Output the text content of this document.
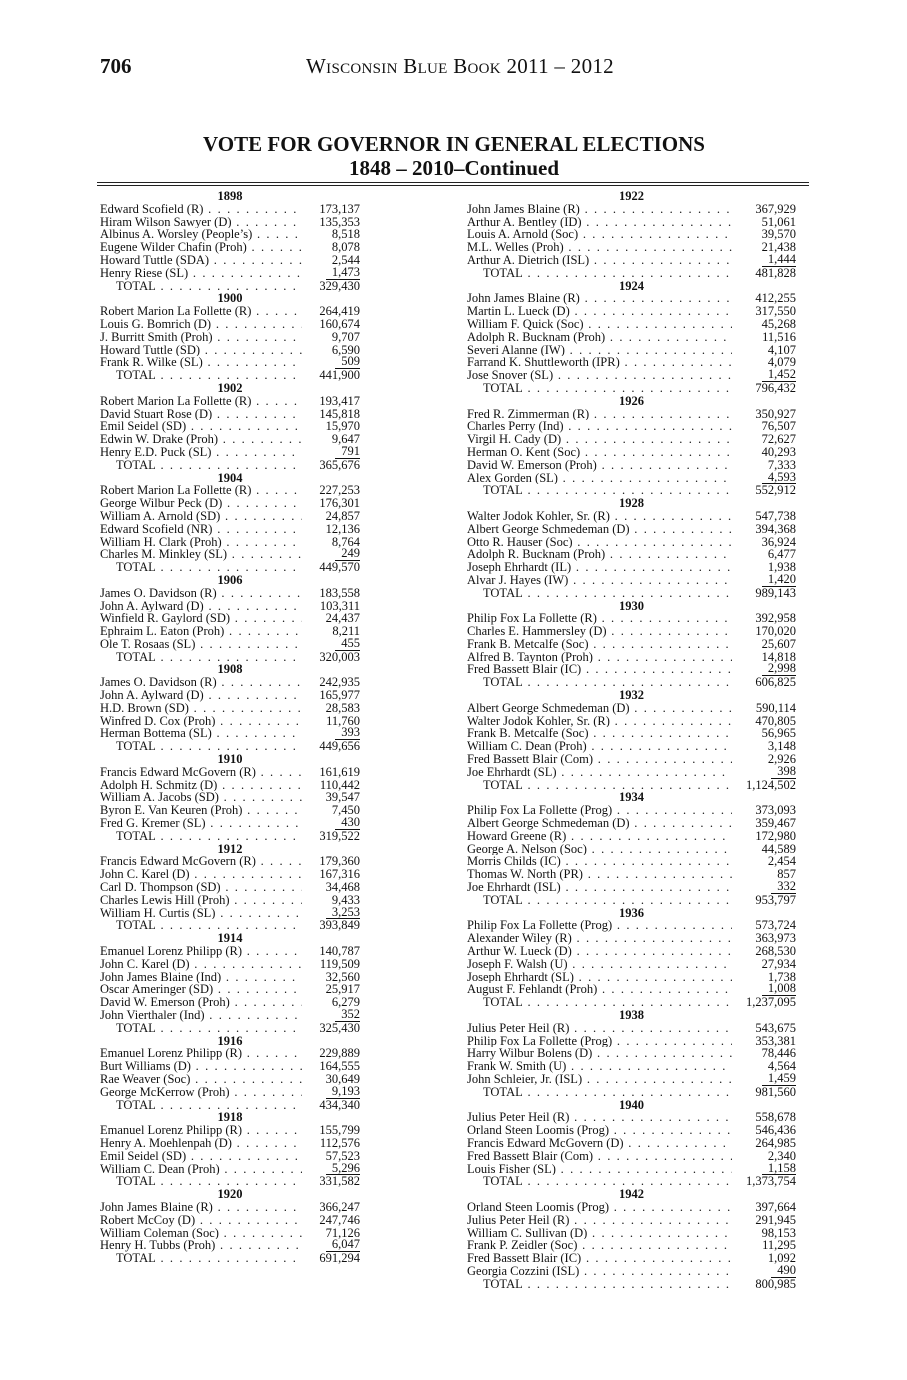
706	Wisconsin Blue Book 2011 – 2012
VOTE FOR GOVERNOR IN GENERAL ELECTIONS
1848 – 2010–Continued
1898
Edward Scofield (R) . . .	173,137
Hiram Wilson Sawyer (D) . . .	135,353
Albinus A. Worsley (People’s) . . .	8,518
Eugene Wilder Chafin (Proh) . . .	8,078
Howard Tuttle (SDA) . . .	2,544
Henry Riese (SL) . . .	1,473
TOTAL . . .	329,430
1900
Robert Marion La Follette (R) . . .	264,419
Louis G. Bomrich (D) . . .	160,674
J. Burritt Smith (Proh) . . .	9,707
Howard Tuttle (SD) . . .	6,590
Frank R. Wilke (SL) . . .	509
TOTAL . . .	441,900
1902
Robert Marion La Follette (R) . . .	193,417
David Stuart Rose (D) . . .	145,818
Emil Seidel (SD) . . .	15,970
Edwin W. Drake (Proh) . . .	9,647
Henry E.D. Puck (SL) . . .	791
TOTAL . . .	365,676
1904
Robert Marion La Follette (R) . . .	227,253
George Wilbur Peck (D) . . .	176,301
William A. Arnold (SD) . . .	24,857
Edward Scofield (NR) . . .	12,136
William H. Clark (Proh) . . .	8,764
Charles M. Minkley (SL) . . .	249
TOTAL . . .	449,570
1906
James O. Davidson (R) . . .	183,558
John A. Aylward (D) . . .	103,311
Winfield R. Gaylord (SD) . . .	24,437
Ephraim L. Eaton (Proh) . . .	8,211
Ole T. Rosaas (SL) . . .	455
TOTAL . . .	320,003
1908
James O. Davidson (R) . . .	242,935
John A. Aylward (D) . . .	165,977
H.D. Brown (SD) . . .	28,583
Winfred D. Cox (Proh) . . .	11,760
Herman Bottema (SL) . . .	393
TOTAL . . .	449,656
1910
Francis Edward McGovern (R) . . .	161,619
Adolph H. Schmitz (D) . . .	110,442
William A. Jacobs (SD) . . .	39,547
Byron E. Van Keuren (Proh) . . .	7,450
Fred G. Kremer (SL) . . .	430
TOTAL . . .	319,522
1912
Francis Edward McGovern (R) . . .	179,360
John C. Karel (D) . . .	167,316
Carl D. Thompson (SD) . . .	34,468
Charles Lewis Hill (Proh) . . .	9,433
William H. Curtis (SL) . . .	3,253
TOTAL . . .	393,849
1914
Emanuel Lorenz Philipp (R) . . .	140,787
John C. Karel (D) . . .	119,509
John James Blaine (Ind) . . .	32,560
Oscar Ameringer (SD) . . .	25,917
David W. Emerson (Proh) . . .	6,279
John Vierthaler (Ind) . . .	352
TOTAL . . .	325,430
1916
Emanuel Lorenz Philipp (R) . . .	229,889
Burt Williams (D) . . .	164,555
Rae Weaver (Soc) . . .	30,649
George McKerrow (Proh) . . .	9,193
TOTAL . . .	434,340
1918
Emanuel Lorenz Philipp (R) . . .	155,799
Henry A. Moehlenpah (D) . . .	112,576
Emil Seidel (SD) . . .	57,523
William C. Dean (Proh) . . .	5,296
TOTAL . . .	331,582
1920
John James Blaine (R) . . .	366,247
Robert McCoy (D) . . .	247,746
William Coleman (Soc) . . .	71,126
Henry H. Tubbs (Proh) . . .	6,047
TOTAL . . .	691,294
1922
John James Blaine (R) . . .	367,929
Arthur A. Bentley (ID) . . .	51,061
Louis A. Arnold (Soc) . . .	39,570
M.L. Welles (Proh) . . .	21,438
Arthur A. Dietrich (ISL) . . .	1,444
TOTAL . . .	481,828
1924
John James Blaine (R) . . .	412,255
Martin L. Lueck (D) . . .	317,550
William F. Quick (Soc) . . .	45,268
Adolph R. Bucknam (Proh) . . .	11,516
Severi Alanne (IW) . . .	4,107
Farrand K. Shuttleworth (IPR) . . .	4,079
Jose Snover (SL) . . .	1,452
TOTAL . . .	796,432
1926
Fred R. Zimmerman (R) . . .	350,927
Charles Perry (Ind) . . .	76,507
Virgil H. Cady (D) . . .	72,627
Herman O. Kent (Soc) . . .	40,293
David W. Emerson (Proh) . . .	7,333
Alex Gorden (SL) . . .	4,593
TOTAL . . .	552,912
1928
Walter Jodok Kohler, Sr. (R) . . .	547,738
Albert George Schmedeman (D) . . .	394,368
Otto R. Hauser (Soc) . . .	36,924
Adolph R. Bucknam (Proh) . . .	6,477
Joseph Ehrhardt (IL) . . .	1,938
Alvar J. Hayes (IW) . . .	1,420
TOTAL . . .	989,143
1930
Philip Fox La Follette (R) . . .	392,958
Charles E. Hammersley (D) . . .	170,020
Frank B. Metcalfe (Soc) . . .	25,607
Alfred B. Taynton (Proh) . . .	14,818
Fred Bassett Blair (IC) . . .	2,998
TOTAL . . .	606,825
1932
Albert George Schmedeman (D) . . .	590,114
Walter Jodok Kohler, Sr. (R) . . .	470,805
Frank B. Metcalfe (Soc) . . .	56,965
William C. Dean (Proh) . . .	3,148
Fred Bassett Blair (Com) . . .	2,926
Joe Ehrhardt (SL) . . .	398
TOTAL . . .	1,124,502
1934
Philip Fox La Follette (Prog) . . .	373,093
Albert George Schmedeman (D) . . .	359,467
Howard Greene (R) . . .	172,980
George A. Nelson (Soc) . . .	44,589
Morris Childs (IC) . . .	2,454
Thomas W. North (PR) . . .	857
Joe Ehrhardt (ISL) . . .	332
TOTAL . . .	953,797
1936
Philip Fox La Follette (Prog) . . .	573,724
Alexander Wiley (R) . . .	363,973
Arthur W. Lueck (D) . . .	268,530
Joseph F. Walsh (U) . . .	27,934
Joseph Ehrhardt (SL) . . .	1,738
August F. Fehlandt (Proh) . . .	1,008
TOTAL . . .	1,237,095
1938
Julius Peter Heil (R) . . .	543,675
Philip Fox La Follette (Prog) . . .	353,381
Harry Wilbur Bolens (D) . . .	78,446
Frank W. Smith (U) . . .	4,564
John Schleier, Jr. (ISL) . . .	1,459
TOTAL . . .	981,560
1940
Julius Peter Heil (R) . . .	558,678
Orland Steen Loomis (Prog) . . .	546,436
Francis Edward McGovern (D) . . .	264,985
Fred Bassett Blair (Com) . . .	2,340
Louis Fisher (SL) . . .	1,158
TOTAL . . .	1,373,754
1942
Orland Steen Loomis (Prog) . . .	397,664
Julius Peter Heil (R) . . .	291,945
William C. Sullivan (D) . . .	98,153
Frank P. Zeidler (Soc) . . .	11,295
Fred Bassett Blair (IC) . . .	1,092
Georgia Cozzini (ISL) . . .	490
TOTAL . . .	800,985
